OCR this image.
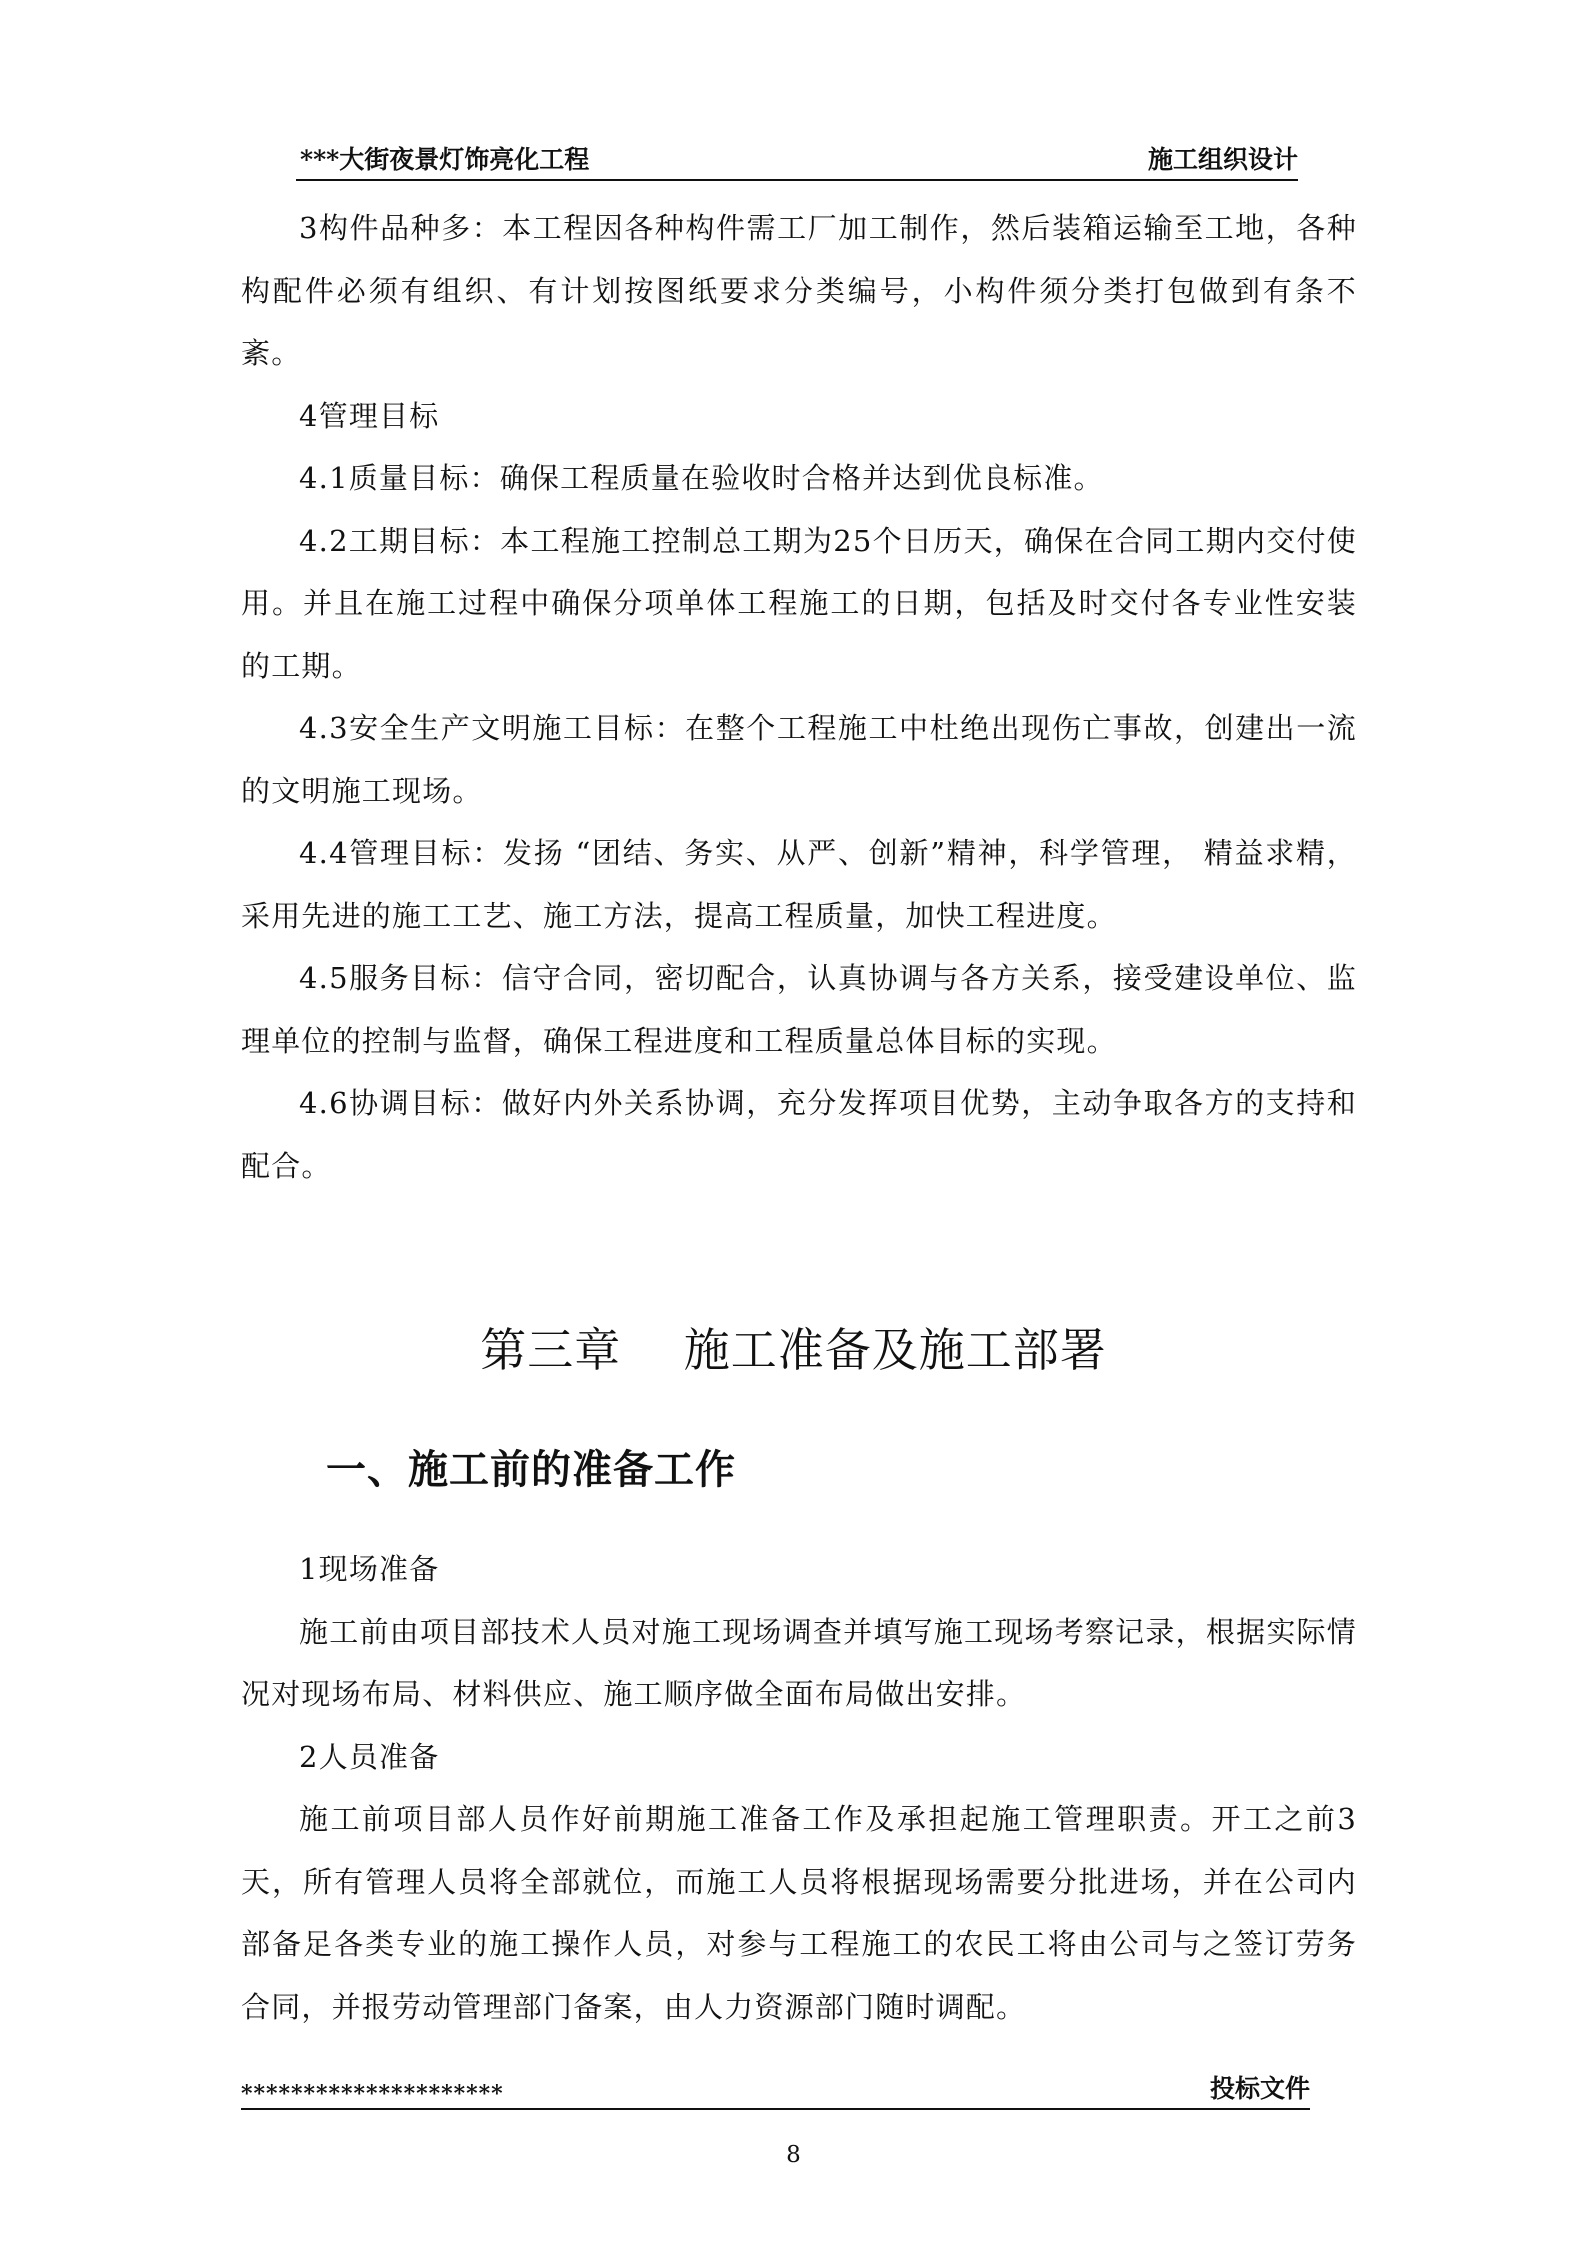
***大街夜景灯饰亮化工程	施工组织设计

3构件品种多：本工程因各种构件需工厂加工制作，然后装箱运输至工地，各种构配件必须有组织、有计划按图纸要求分类编号，小构件须分类打包做到有条不紊。

4管理目标

4.1质量目标：确保工程质量在验收时合格并达到优良标准。

4.2工期目标：本工程施工控制总工期为25个日历天，确保在合同工期内交付使用。并且在施工过程中确保分项单体工程施工的日期，包括及时交付各专业性安装的工期。

4.3安全生产文明施工目标：在整个工程施工中杜绝出现伤亡事故，创建出一流的文明施工现场。

4.4管理目标：发扬 “团结、务实、从严、创新”精神，科学管理， 精益求精，采用先进的施工工艺、施工方法，提高工程质量，加快工程进度。

4.5服务目标：信守合同，密切配合，认真协调与各方关系，接受建设单位、监理单位的控制与监督，确保工程进度和工程质量总体目标的实现。

4.6协调目标：做好内外关系协调，充分发挥项目优势，主动争取各方的支持和配合。

第三章　 施工准备及施工部署
一、施工前的准备工作

1现场准备

施工前由项目部技术人员对施工现场调查并填写施工现场考察记录，根据实际情况对现场布局、材料供应、施工顺序做全面布局做出安排。

2人员准备

施工前项目部人员作好前期施工准备工作及承担起施工管理职责。开工之前3天，所有管理人员将全部就位，而施工人员将根据现场需要分批进场，并在公司内部备足各类专业的施工操作人员，对参与工程施工的农民工将由公司与之签订劳务合同，并报劳动管理部门备案，由人力资源部门随时调配。

*********************	投标文件
8
